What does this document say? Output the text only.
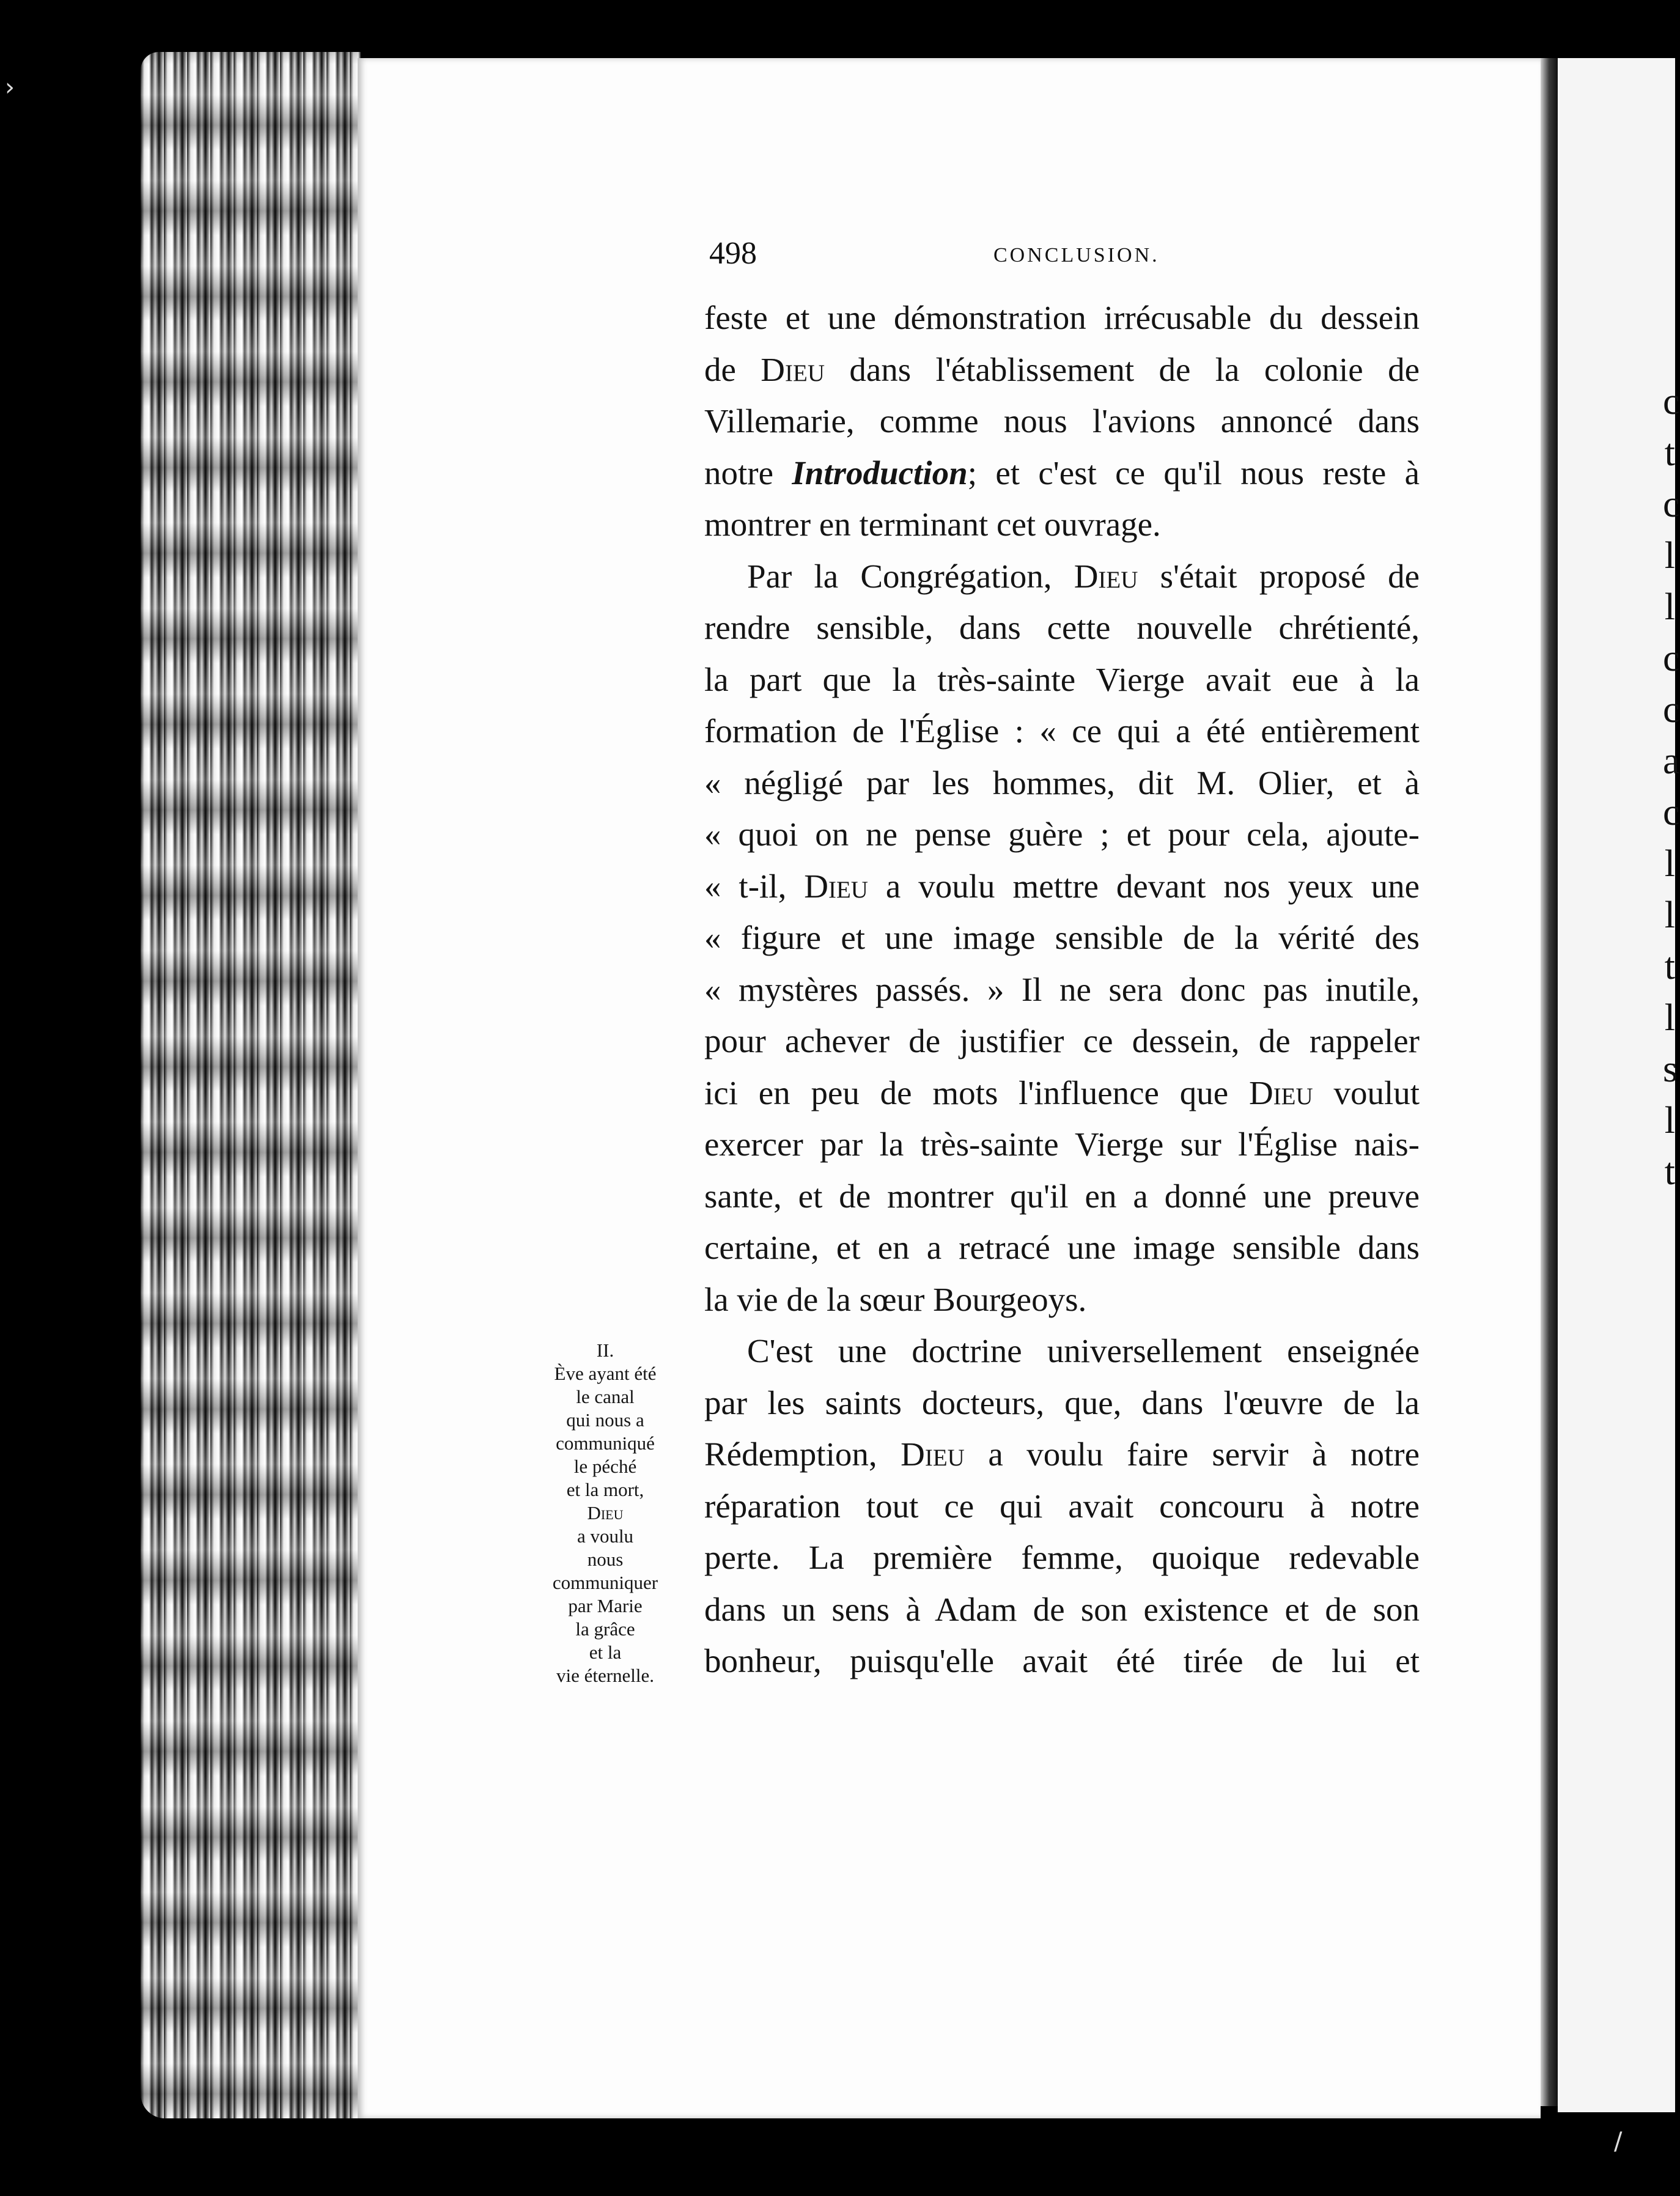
c
t
c
l
l
c
c
a
c
l
l
t
l
s
l
t
›
/
498	CONCLUSION.
feste et une démonstration irrécusable du dessein
de Dieu dans l'établissement de la colonie de
Villemarie, comme nous l'avions annoncé dans
notre Introduction; et c'est ce qu'il nous reste à
montrer en terminant cet ouvrage.
Par la Congrégation, Dieu s'était proposé de
rendre sensible, dans cette nouvelle chrétienté,
la part que la très-sainte Vierge avait eue à la
formation de l'Église : « ce qui a été entièrement
« négligé par les hommes, dit M. Olier, et à
« quoi on ne pense guère ; et pour cela, ajoute-
« t-il, Dieu a voulu mettre devant nos yeux une
« figure et une image sensible de la vérité des
« mystères passés. » Il ne sera donc pas inutile,
pour achever de justifier ce dessein, de rappeler
ici en peu de mots l'influence que Dieu voulut
exercer par la très-sainte Vierge sur l'Église nais-
sante, et de montrer qu'il en a donné une preuve
certaine, et en a retracé une image sensible dans
la vie de la sœur Bourgeoys.
C'est une doctrine universellement enseignée
par les saints docteurs, que, dans l'œuvre de la
Rédemption, Dieu a voulu faire servir à notre
réparation tout ce qui avait concouru à notre
perte. La première femme, quoique redevable
dans un sens à Adam de son existence et de son
bonheur, puisqu'elle avait été tirée de lui et
II.
Ève ayant été
le canal
qui nous a
communiqué
le péché
et la mort,
Dieu
a voulu
nous
communiquer
par Marie
la grâce
et la
vie éternelle.
